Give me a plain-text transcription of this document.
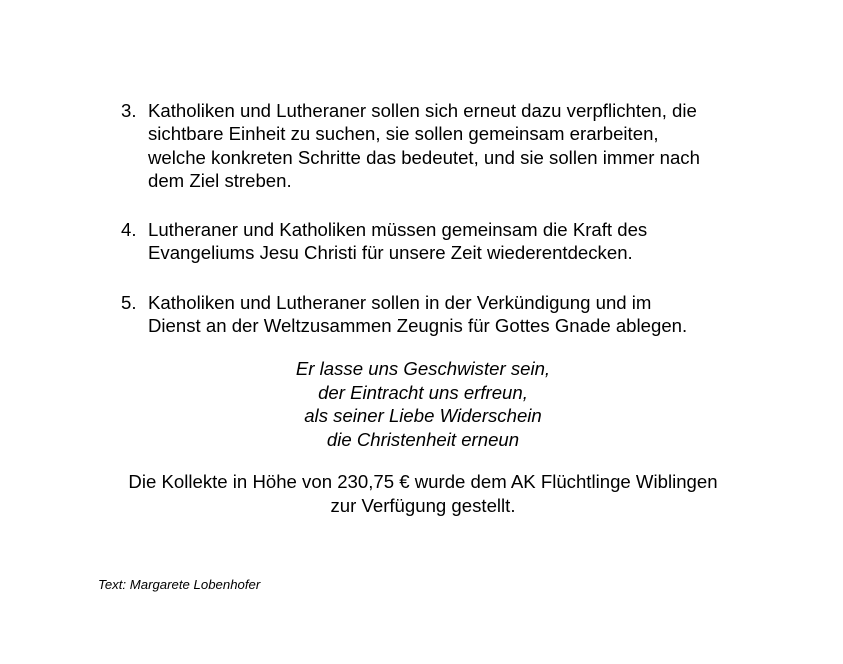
3. Katholiken und Lutheraner sollen sich erneut dazu verpflichten, die
sichtbare Einheit zu suchen, sie sollen gemeinsam erarbeiten,
welche konkreten Schritte das bedeutet, und sie sollen immer nach
dem Ziel streben.
4. Lutheraner und Katholiken müssen gemeinsam die Kraft des
Evangeliums Jesu Christi für unsere Zeit wiederentdecken.
5. Katholiken und Lutheraner sollen in der Verkündigung und im
Dienst an der Weltzusammen Zeugnis für Gottes Gnade ablegen.
Er lasse uns Geschwister sein,
der Eintracht uns erfreun,
als seiner Liebe Widerschein
die Christenheit erneun
Die Kollekte in Höhe von 230,75 € wurde dem AK Flüchtlinge Wiblingen
zur Verfügung gestellt.
Text: Margarete Lobenhofer
